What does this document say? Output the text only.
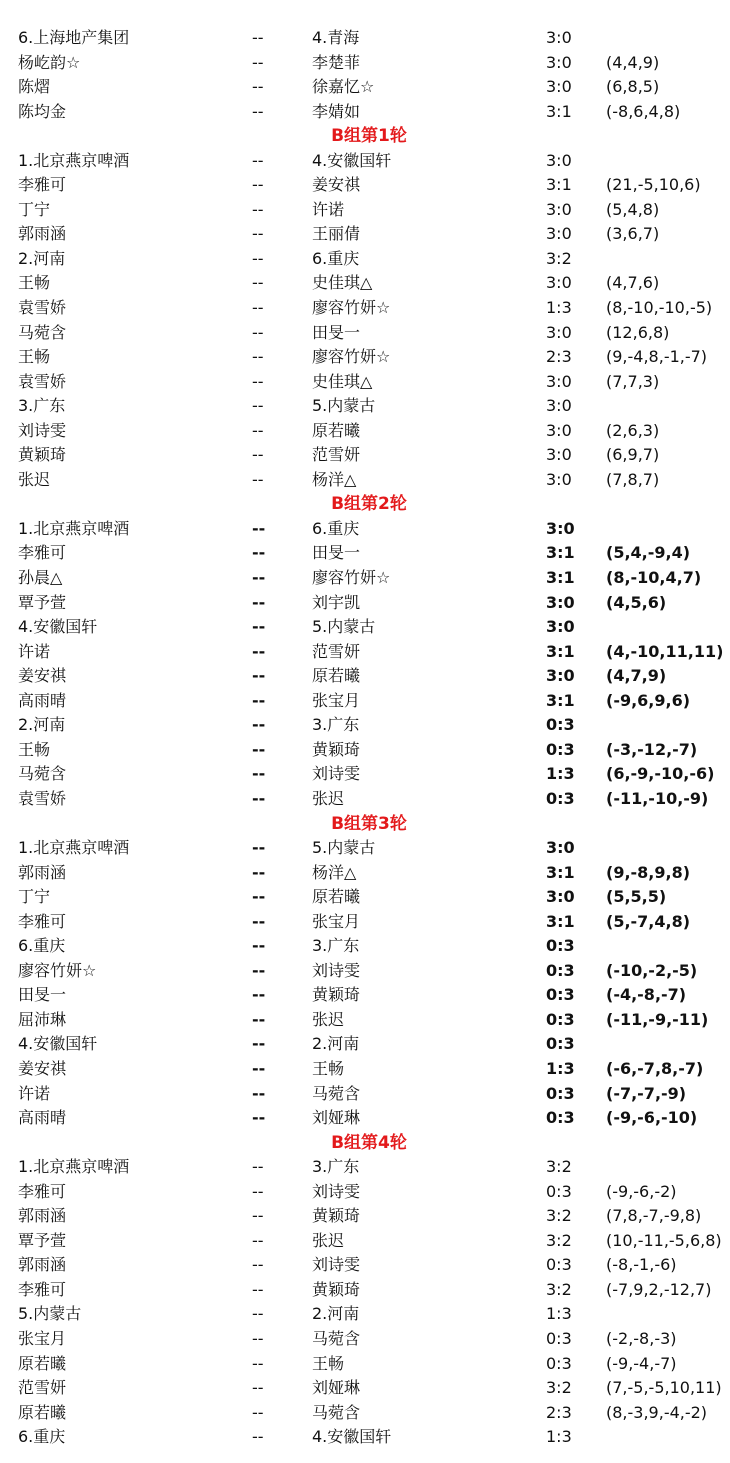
6.上海地产集团	--	4.青海	3:0
杨屹韵☆	--	李楚菲	3:0 (4,4,9)
陈熠	--	徐嘉忆☆	3:0 (6,8,5)
陈均金	--	李婧如	3:1 (-8,6,4,8)
B组第1轮
1.北京燕京啤酒	--	4.安徽国轩	3:0
李雅可	--	姜安祺	3:1 (21,-5,10,6)
丁宁	--	许诺	3:0 (5,4,8)
郭雨涵	--	王丽倩	3:0 (3,6,7)
2.河南	--	6.重庆	3:2
王畅	--	史佳琪△	3:0 (4,7,6)
袁雪娇	--	廖容竹妍☆	1:3 (8,-10,-10,-5)
马菀含	--	田旻一	3:0 (12,6,8)
王畅	--	廖容竹妍☆	2:3 (9,-4,8,-1,-7)
袁雪娇	--	史佳琪△	3:0 (7,7,3)
3.广东	--	5.内蒙古	3:0
刘诗雯	--	原若曦	3:0 (2,6,3)
黄颖琦	--	范雪妍	3:0 (6,9,7)
张迟	--	杨洋△	3:0 (7,8,7)
B组第2轮
1.北京燕京啤酒	--	6.重庆	3:0
李雅可	--	田旻一	3:1 (5,4,-9,4)
孙晨△	--	廖容竹妍☆	3:1 (8,-10,4,7)
覃予萱	--	刘宇凯	3:0 (4,5,6)
4.安徽国轩	--	5.内蒙古	3:0
许诺	--	范雪妍	3:1 (4,-10,11,11)
姜安祺	--	原若曦	3:0 (4,7,9)
高雨晴	--	张宝月	3:1 (-9,6,9,6)
2.河南	--	3.广东	0:3
王畅	--	黄颖琦	0:3 (-3,-12,-7)
马菀含	--	刘诗雯	1:3 (6,-9,-10,-6)
袁雪娇	--	张迟	0:3 (-11,-10,-9)
B组第3轮
1.北京燕京啤酒	--	5.内蒙古	3:0
郭雨涵	--	杨洋△	3:1 (9,-8,9,8)
丁宁	--	原若曦	3:0 (5,5,5)
李雅可	--	张宝月	3:1 (5,-7,4,8)
6.重庆	--	3.广东	0:3
廖容竹妍☆	--	刘诗雯	0:3 (-10,-2,-5)
田旻一	--	黄颖琦	0:3 (-4,-8,-7)
屈沛琳	--	张迟	0:3 (-11,-9,-11)
4.安徽国轩	--	2.河南	0:3
姜安祺	--	王畅	1:3 (-6,-7,8,-7)
许诺	--	马菀含	0:3 (-7,-7,-9)
高雨晴	--	刘娅琳	0:3 (-9,-6,-10)
B组第4轮
1.北京燕京啤酒	--	3.广东	3:2
李雅可	--	刘诗雯	0:3 (-9,-6,-2)
郭雨涵	--	黄颖琦	3:2 (7,8,-7,-9,8)
覃予萱	--	张迟	3:2 (10,-11,-5,6,8)
郭雨涵	--	刘诗雯	0:3 (-8,-1,-6)
李雅可	--	黄颖琦	3:2 (-7,9,2,-12,7)
5.内蒙古	--	2.河南	1:3
张宝月	--	马菀含	0:3 (-2,-8,-3)
原若曦	--	王畅	0:3 (-9,-4,-7)
范雪妍	--	刘娅琳	3:2 (7,-5,-5,10,11)
原若曦	--	马菀含	2:3 (8,-3,9,-4,-2)
6.重庆	--	4.安徽国轩	1:3
